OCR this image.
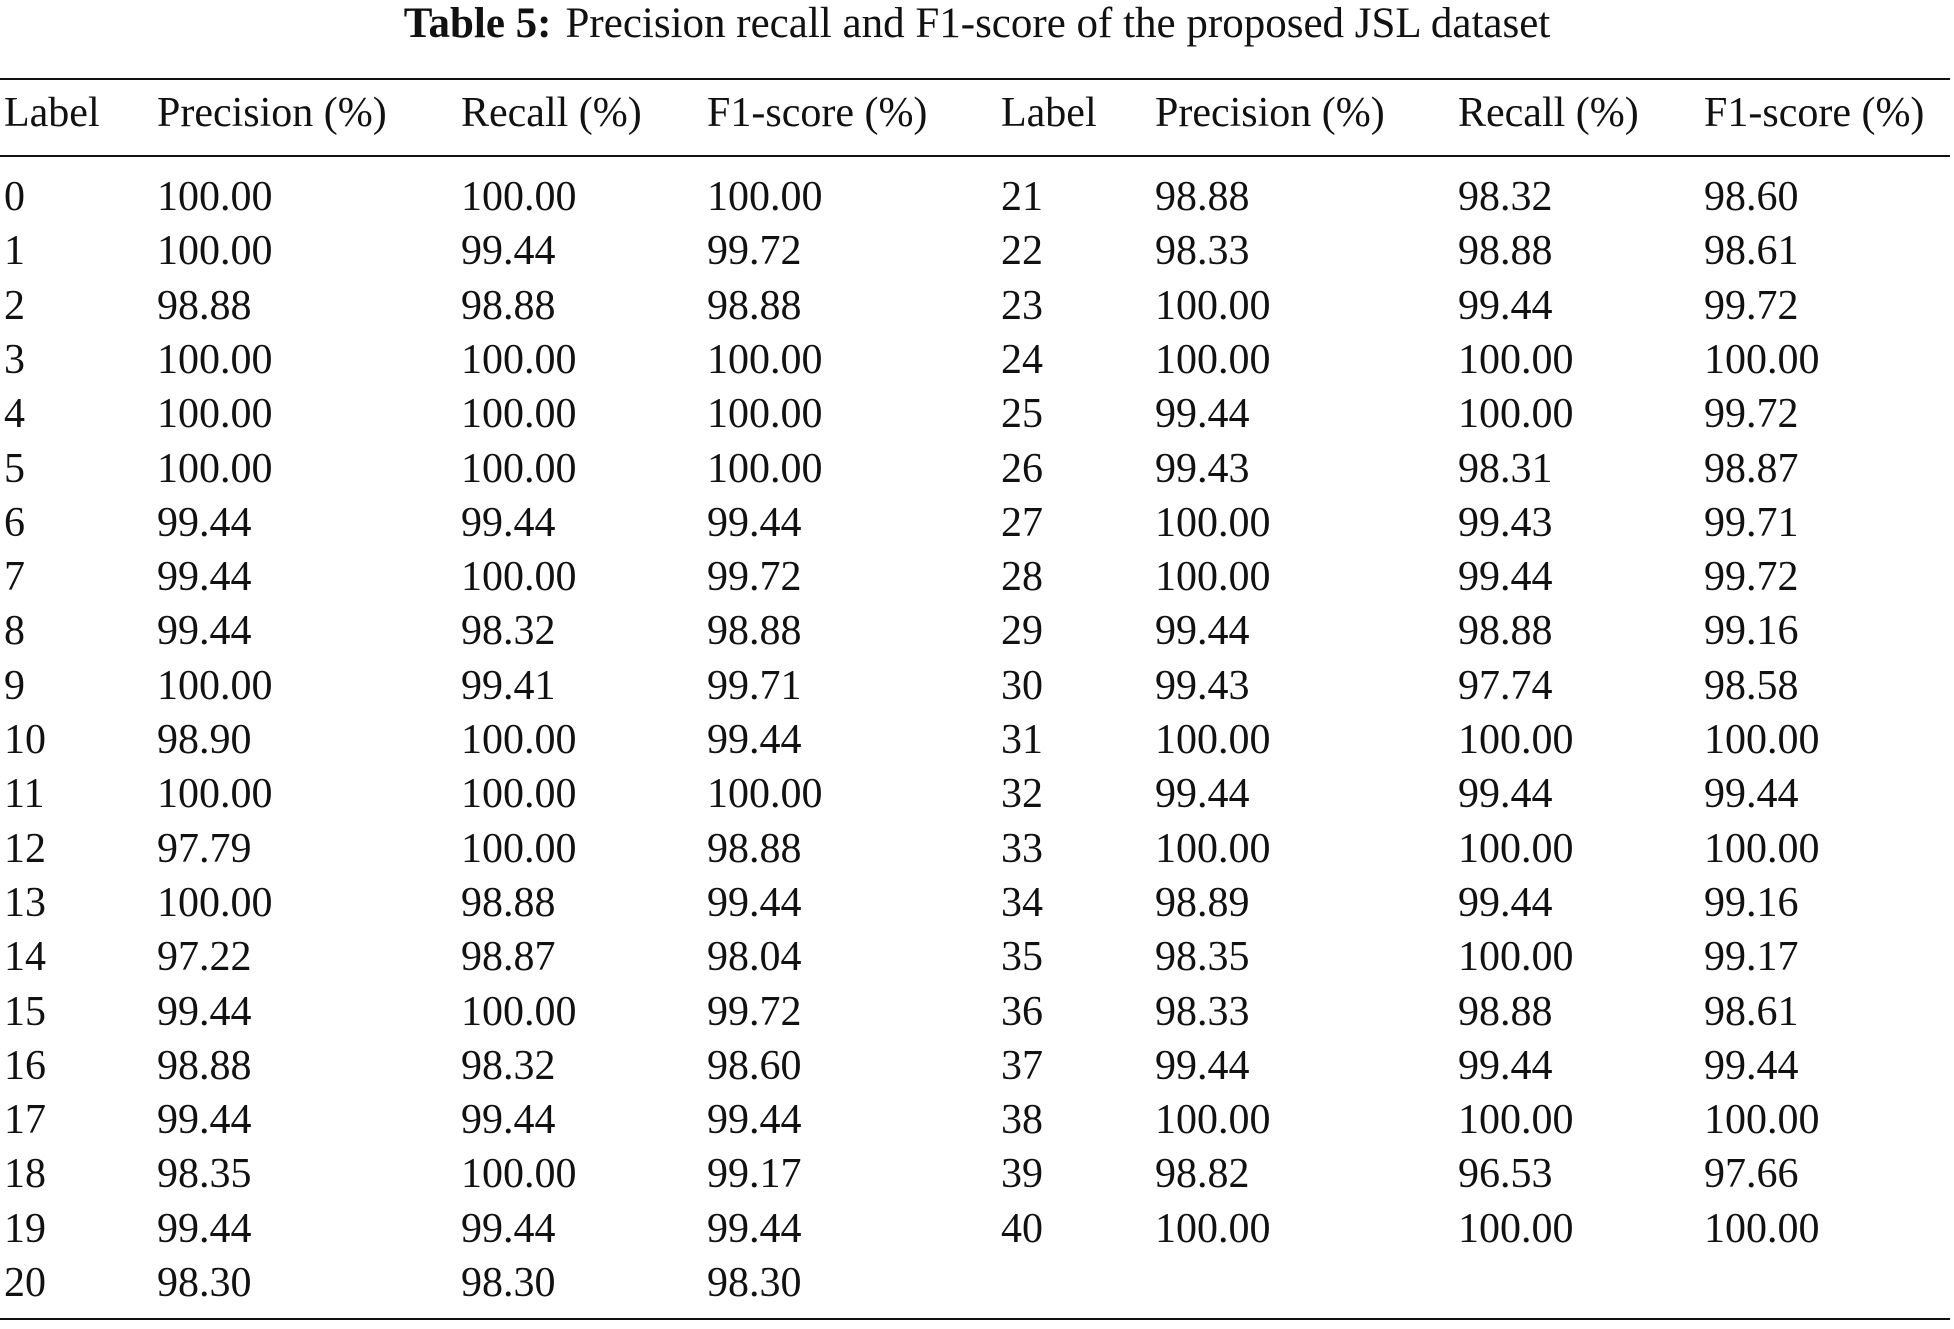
Table 5: Precision recall and F1-score of the proposed JSL dataset
Label Precision (%) Recall (%) F1-score (%) Label Precision (%) Recall (%) F1-score (%)
0	100.00	100.00	100.00	21	98.88	98.32	98.60
1	100.00	99.44	99.72	22	98.33	98.88	98.61
2	98.88	98.88	98.88	23	100.00	99.44	99.72
3	100.00	100.00	100.00	24	100.00	100.00	100.00
4	100.00	100.00	100.00	25	99.44	100.00	99.72
5	100.00	100.00	100.00	26	99.43	98.31	98.87
6	99.44	99.44	99.44	27	100.00	99.43	99.71
7	99.44	100.00	99.72	28	100.00	99.44	99.72
8	99.44	98.32	98.88	29	99.44	98.88	99.16
9	100.00	99.41	99.71	30	99.43	97.74	98.58
10	98.90	100.00	99.44	31	100.00	100.00	100.00
11	100.00	100.00	100.00	32	99.44	99.44	99.44
12	97.79	100.00	98.88	33	100.00	100.00	100.00
13	100.00	98.88	99.44	34	98.89	99.44	99.16
14	97.22	98.87	98.04	35	98.35	100.00	99.17
15	99.44	100.00	99.72	36	98.33	98.88	98.61
16	98.88	98.32	98.60	37	99.44	99.44	99.44
17	99.44	99.44	99.44	38	100.00	100.00	100.00
18	98.35	100.00	99.17	39	98.82	96.53	97.66
19	99.44	99.44	99.44	40	100.00	100.00	100.00
20	98.30	98.30	98.30
